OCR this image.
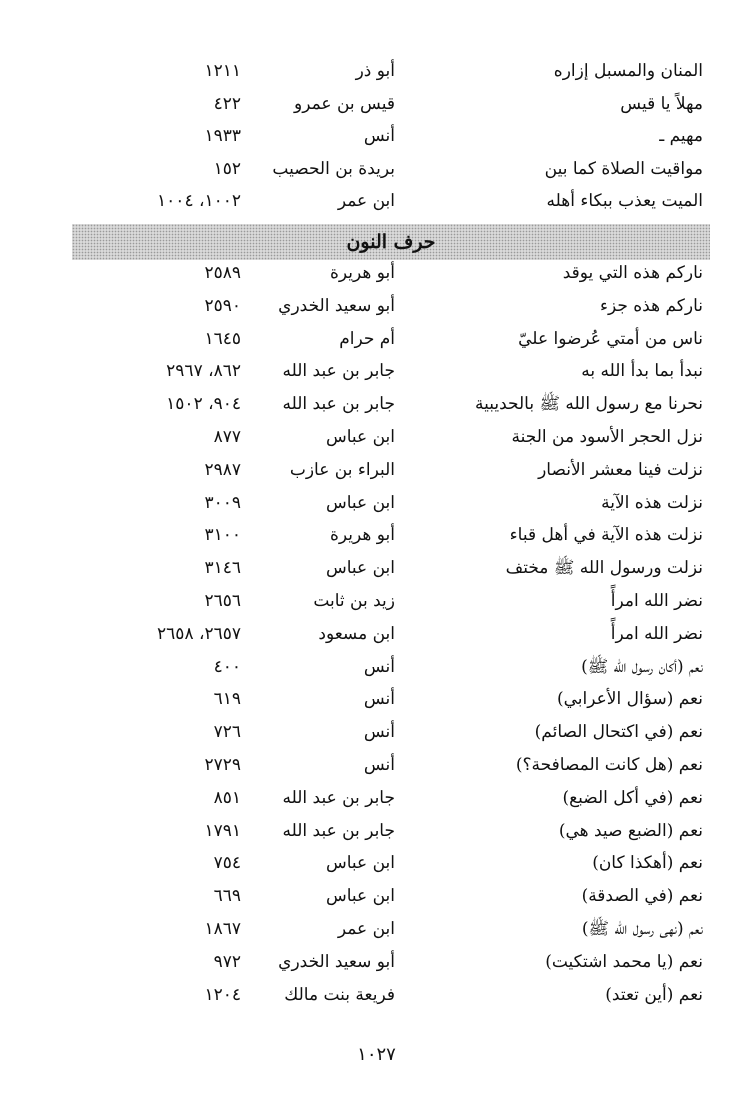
المنان والمسبل إزاره
أبو ذر
١٢١١
مهلاً يا قيس
قيس بن عمرو
٤٢٢
مهيم ـ
أنس
١٩٣٣
مواقيت الصلاة كما بين
بريدة بن الحصيب
١٥٢
الميت يعذب ببكاء أهله
ابن عمر
١٠٠٢، ١٠٠٤
حرف النون
ناركم هذه التي يوقد
أبو هريرة
٢٥٨٩
ناركم هذه جزء
أبو سعيد الخدري
٢٥٩٠
ناس من أمتي عُرضوا عليّ
أم حرام
١٦٤٥
نبدأ بما بدأ الله به
جابر بن عبد الله
٨٦٢، ٢٩٦٧
نحرنا مع رسول الله ﷺ بالحديبية
جابر بن عبد الله
٩٠٤، ١٥٠٢
نزل الحجر الأسود من الجنة
ابن عباس
٨٧٧
نزلت فينا معشر الأنصار
البراء بن عازب
٢٩٨٧
نزلت هذه الآية
ابن عباس
٣٠٠٩
نزلت هذه الآية في أهل قباء
أبو هريرة
٣١٠٠
نزلت ورسول الله ﷺ مختف
ابن عباس
٣١٤٦
نضر الله امرأً
زيد بن ثابت
٢٦٥٦
نضر الله امرأً
ابن مسعود
٢٦٥٧، ٢٦٥٨
نعم (أكان رسول الله ﷺ)
أنس
٤٠٠
نعم (سؤال الأعرابي)
أنس
٦١٩
نعم (في اكتحال الصائم)
أنس
٧٢٦
نعم (هل كانت المصافحة؟)
أنس
٢٧٢٩
نعم (في أكل الضبع)
جابر بن عبد الله
٨٥١
نعم (الضبع صيد هي)
جابر بن عبد الله
١٧٩١
نعم (أهكذا كان)
ابن عباس
٧٥٤
نعم (في الصدقة)
ابن عباس
٦٦٩
نعم (نهى رسول الله ﷺ)
ابن عمر
١٨٦٧
نعم (يا محمد اشتكيت)
أبو سعيد الخدري
٩٧٢
نعم (أين تعتد)
فريعة بنت مالك
١٢٠٤
١٠٢٧
